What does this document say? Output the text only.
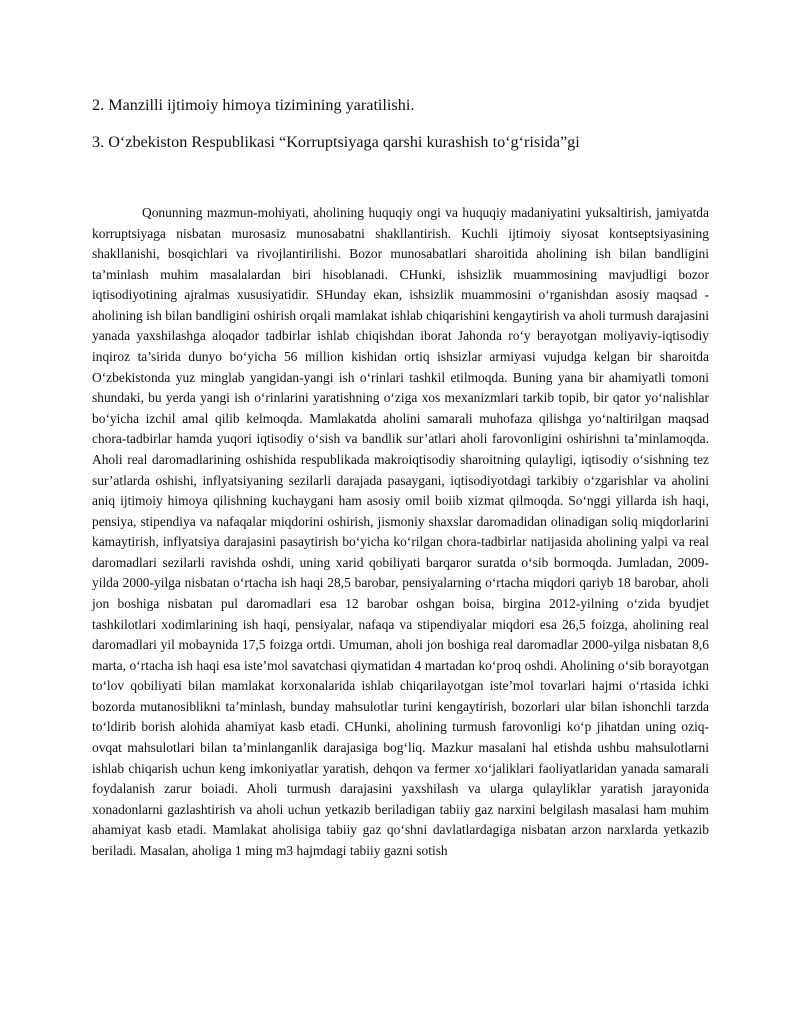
2. Manzilli ijtimoiy himoya tizimining yaratilishi.
3. O‘zbekiston Respublikasi “Korruptsiyaga qarshi kurashish to‘g‘risida”gi

Qonunning mazmun-mohiyati, aholining huquqiy ongi va huquqiy madaniyatini yuksaltirish, jamiyatda korruptsiyaga nisbatan murosasiz munosabatni shakllantirish. Kuchli ijtimoiy siyosat kontseptsiyasining shakllanishi, bosqichlari va rivojlantirilishi. Bozor munosabatlari sharoitida aholining ish bilan bandligini ta’minlash muhim masalalardan biri hisoblanadi. CHunki, ishsizlik muammosining mavjudligi bozor iqtisodiyotining ajralmas xususiyatidir. SHunday ekan, ishsizlik muammosini o‘rganishdan asosiy maqsad - aholining ish bilan bandligini oshirish orqali mamlakat ishlab chiqarishini kengaytirish va aholi turmush darajasini yanada yaxshilashga aloqador tadbirlar ishlab chiqishdan iborat Jahonda ro‘y berayotgan moliyaviy-iqtisodiy inqiroz ta’sirida dunyo bo‘yicha 56 million kishidan ortiq ishsizlar armiyasi vujudga kelgan bir sharoitda O‘zbekistonda yuz minglab yangidan-yangi ish o‘rinlari tashkil etilmoqda. Buning yana bir ahamiyatli tomoni shundaki, bu yerda yangi ish o‘rinlarini yaratishning o‘ziga xos mexanizmlari tarkib topib, bir qator yo‘nalishlar bo‘yicha izchil amal qilib kelmoqda. Mamlakatda aholini samarali muhofaza qilishga yo‘naltirilgan maqsad chora-tadbirlar hamda yuqori iqtisodiy o‘sish va bandlik sur’atlari aholi farovonligini oshirishni ta’minlamoqda. Aholi real daromadlarining oshishida respublikada makroiqtisodiy sharoitning qulayligi, iqtisodiy o‘sishning tez sur’atlarda oshishi, inflyatsiyaning sezilarli darajada pasaygani, iqtisodiyotdagi tarkibiy o‘zgarishlar va aholini aniq ijtimoiy himoya qilishning kuchaygani ham asosiy omil boiib xizmat qilmoqda. So‘nggi yillarda ish haqi, pensiya, stipendiya va nafaqalar miqdorini oshirish, jismoniy shaxslar daromadidan olinadigan soliq miqdorlarini kamaytirish, inflyatsiya darajasini pasaytirish bo‘yicha ko‘rilgan chora-tadbirlar natijasida aholining yalpi va real daromadlari sezilarli ravishda oshdi, uning xarid qobiliyati barqaror suratda o‘sib bormoqda. Jumladan, 2009-yilda 2000-yilga nisbatan o‘rtacha ish haqi 28,5 barobar, pensiyalarning o‘rtacha miqdori qariyb 18 barobar, aholi jon boshiga nisbatan pul daromadlari esa 12 barobar oshgan boisa, birgina 2012-yilning o‘zida byudjet tashkilotlari xodimlarining ish haqi, pensiyalar, nafaqa va stipendiyalar miqdori esa 26,5 foizga, aholining real daromadlari yil mobaynida 17,5 foizga ortdi. Umuman, aholi jon boshiga real daromadlar 2000-yilga nisbatan 8,6 marta, o‘rtacha ish haqi esa iste’mol savatchasi qiymatidan 4 martadan ko‘proq oshdi. Aholining o‘sib borayotgan to‘lov qobiliyati bilan mamlakat korxonalarida ishlab chiqarilayotgan iste’mol tovarlari hajmi o‘rtasida ichki bozorda mutanosiblikni ta’minlash, bunday mahsulotlar turini kengaytirish, bozorlari ular bilan ishonchli tarzda to‘ldirib borish alohida ahamiyat kasb etadi. CHunki, aholining turmush farovonligi ko‘p jihatdan uning oziq-ovqat mahsulotlari bilan ta’minlanganlik darajasiga bog‘liq. Mazkur masalani hal etishda ushbu mahsulotlarni ishlab chiqarish uchun keng imkoniyatlar yaratish, dehqon va fermer xo‘jaliklari faoliyatlaridan yanada samarali foydalanish zarur boiadi. Aholi turmush darajasini yaxshilash va ularga qulayliklar yaratish jarayonida xonadonlarni gazlashtirish va aholi uchun yetkazib beriladigan tabiiy gaz narxini belgilash masalasi ham muhim ahamiyat kasb etadi. Mamlakat aholisiga tabiiy gaz qo‘shni davlatlardagiga nisbatan arzon narxlarda yetkazib beriladi. Masalan, aholiga 1 ming m3 hajmdagi tabiiy gazni sotish
